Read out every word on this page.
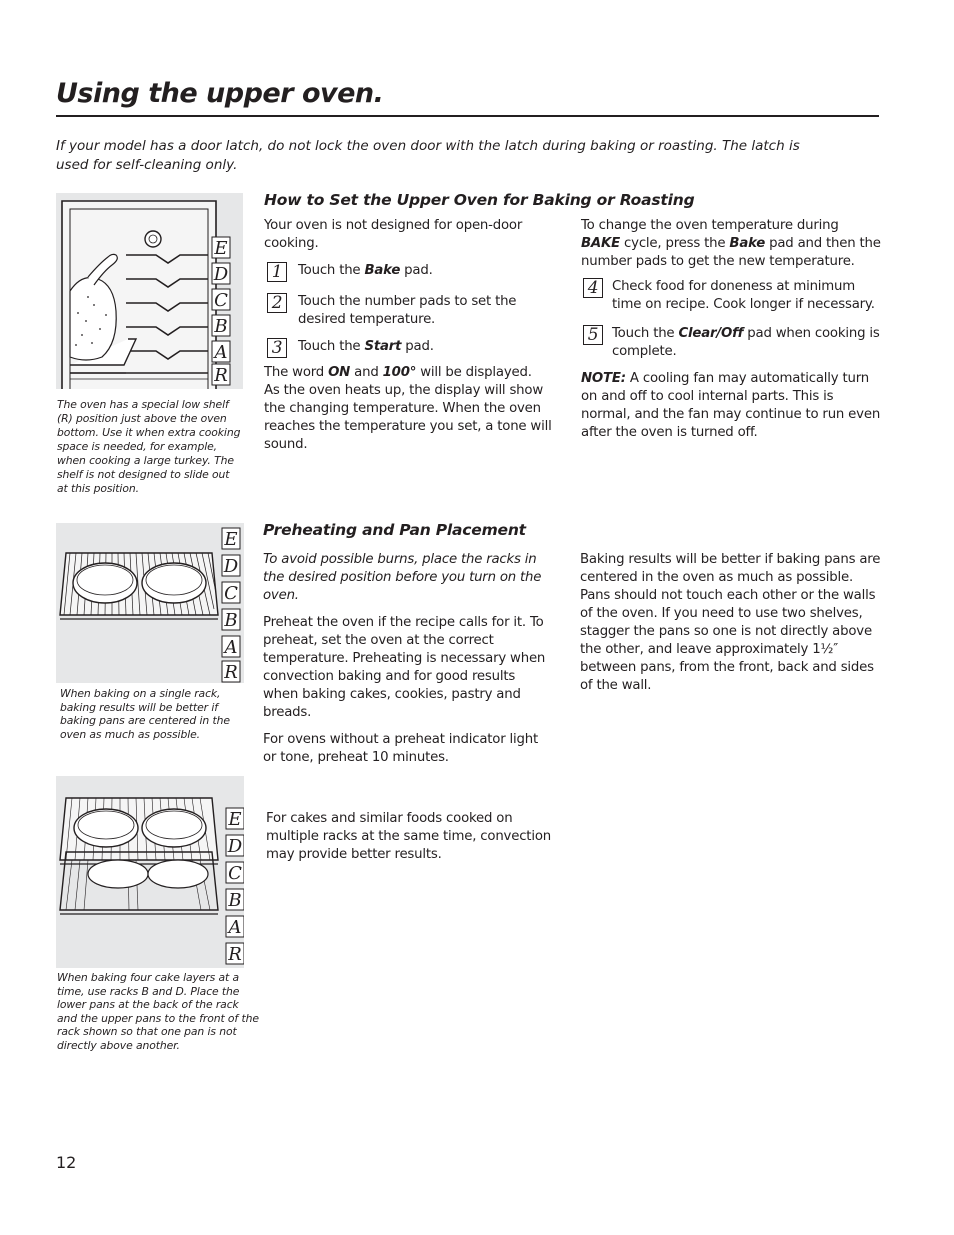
Using the upper oven.
If your model has a door latch, do not lock the oven door with the latch during baking or roasting. The latch is used for self-cleaning only.
E
D
C
B
A
R
The oven has a special low shelf (R) position just above the oven bottom. Use it when extra cooking space is needed, for example, when cooking a large turkey. The shelf is not designed to slide out at this position.
How to Set the Upper Oven for Baking or Roasting

Your oven is not designed for open-door cooking.

1	Touch the Bake pad.
2	Touch the number pads to set the desired temperature.
3	Touch the Start pad.

The word ON and 100° will be displayed.

As the oven heats up, the display will show the changing temperature. When the oven reaches the temperature you set, a tone will sound.

To change the oven temperature during BAKE cycle, press the Bake pad and then the number pads to get the new temperature.

4	Check food for doneness at minimum time on recipe. Cook longer if necessary.
5	Touch the Clear/Off pad when cooking is complete.

NOTE: A cooling fan may automatically turn on and off to cool internal parts. This is normal, and the fan may continue to run even after the oven is turned off.

E
D
C
B
A
R
When baking on a single rack, baking results will be better if baking pans are centered in the oven as much as possible.
Preheating and Pan Placement

To avoid possible burns, place the racks in the desired position before you turn on the oven.

Preheat the oven if the recipe calls for it. To preheat, set the oven at the correct temperature. Preheating is necessary when convection baking and for good results when baking cakes, cookies, pastry and breads.

For ovens without a preheat indicator light or tone, preheat 10 minutes.

Baking results will be better if baking pans are centered in the oven as much as possible. Pans should not touch each other or the walls of the oven. If you need to use two shelves, stagger the pans so one is not directly above the other, and leave approximately 1½″ between pans, from the front, back and sides of the wall.
E
D
C
B
A
R
When baking four cake layers at a time, use racks B and D. Place the lower pans at the back of the rack and the upper pans to the front of the rack shown so that one pan is not directly above another.
For cakes and similar foods cooked on multiple racks at the same time, convection may provide better results.
12
